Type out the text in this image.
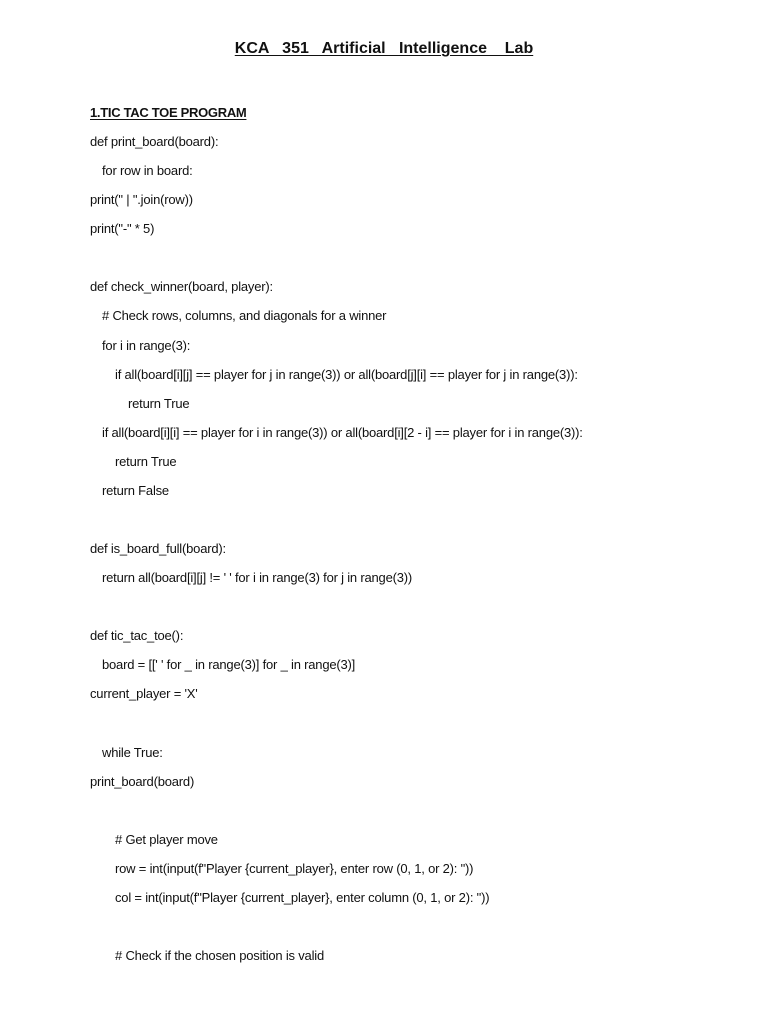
KCA   351   Artificial   Intelligence    Lab
1.TIC TAC TOE PROGRAM
def print_board(board):
for row in board:
print(" | ".join(row))
print("-" * 5)
def check_winner(board, player):
# Check rows, columns, and diagonals for a winner
for i in range(3):
if all(board[i][j] == player for j in range(3)) or all(board[j][i] == player for j in range(3)):
return True
if all(board[i][i] == player for i in range(3)) or all(board[i][2 - i] == player for i in range(3)):
return True
return False
def is_board_full(board):
return all(board[i][j] != ' ' for i in range(3) for j in range(3))
def tic_tac_toe():
board = [[' ' for _ in range(3)] for _ in range(3)]
current_player = 'X'
while True:
print_board(board)
# Get player move
row = int(input(f"Player {current_player}, enter row (0, 1, or 2): "))
col = int(input(f"Player {current_player}, enter column (0, 1, or 2): "))
# Check if the chosen position is valid
